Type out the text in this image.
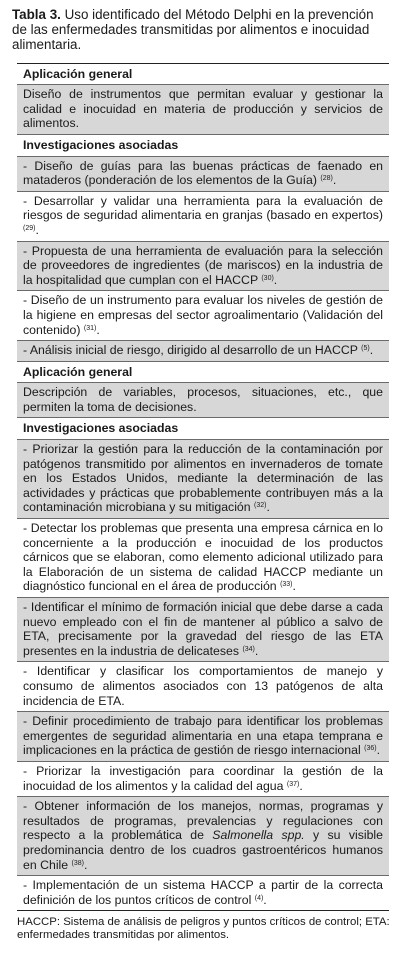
Tabla 3. Uso identificado del Método Delphi en la prevención de las enfermedades transmitidas por alimentos e inocuidad alimentaria.

Aplicación general
Diseño de instrumentos que permitan evaluar y gestionar la calidad e inocuidad en materia de producción y servicios de alimentos.
Investigaciones asociadas
- Diseño de guías para las buenas prácticas de faenado en mataderos (ponderación de los elementos de la Guía) $^{(28)}$.
- Desarrollar y validar una herramienta para la evaluación de riesgos de seguridad alimentaria en granjas (basado en expertos) $^{(29)}$.
- Propuesta de una herramienta de evaluación para la selección de proveedores de ingredientes (de mariscos) en la industria de la hospitalidad que cumplan con el HACCP $^{(30)}$.
- Diseño de un instrumento para evaluar los niveles de gestión de la higiene en empresas del sector agroalimentario (Validación del contenido) $^{(31)}$.
- Análisis inicial de riesgo, dirigido al desarrollo de un HACCP $^{(5)}$.
Aplicación general
Descripción de variables, procesos, situaciones, etc., que permiten la toma de decisiones.
Investigaciones asociadas
- Priorizar la gestión para la reducción de la contaminación por patógenos transmitido por alimentos en invernaderos de tomate en los Estados Unidos, mediante la determinación de las actividades y prácticas que probablemente contribuyen más a la contaminación microbiana y su mitigación $^{(32)}$.
- Detectar los problemas que presenta una empresa cárnica en lo concerniente a la producción e inocuidad de los productos cárnicos que se elaboran, como elemento adicional utilizado para la Elaboración de un sistema de calidad HACCP mediante un diagnóstico funcional en el área de producción $^{(33)}$.
- Identificar el mínimo de formación inicial que debe darse a cada nuevo empleado con el fin de mantener al público a salvo de ETA, precisamente por la gravedad del riesgo de las ETA presentes en la industria de delicateses $^{(34)}$.
- Identificar y clasificar los comportamientos de manejo y consumo de alimentos asociados con 13 patógenos de alta incidencia de ETA.
- Definir procedimiento de trabajo para identificar los problemas emergentes de seguridad alimentaria en una etapa temprana e implicaciones en la práctica de gestión de riesgo internacional $^{(36)}$.
- Priorizar la investigación para coordinar la gestión de la inocuidad de los alimentos y la calidad del agua $^{(37)}$.
- Obtener información de los manejos, normas, programas y resultados de programas, prevalencias y regulaciones con respecto a la problemática de Salmonella spp. y su visible predominancia dentro de los cuadros gastroentéricos humanos en Chile $^{(38)}$.
- Implementación de un sistema HACCP a partir de la correcta definición de los puntos críticos de control $^{(4)}$.

HACCP: Sistema de análisis de peligros y puntos críticos de control; ETA: enfermedades transmitidas por alimentos.
